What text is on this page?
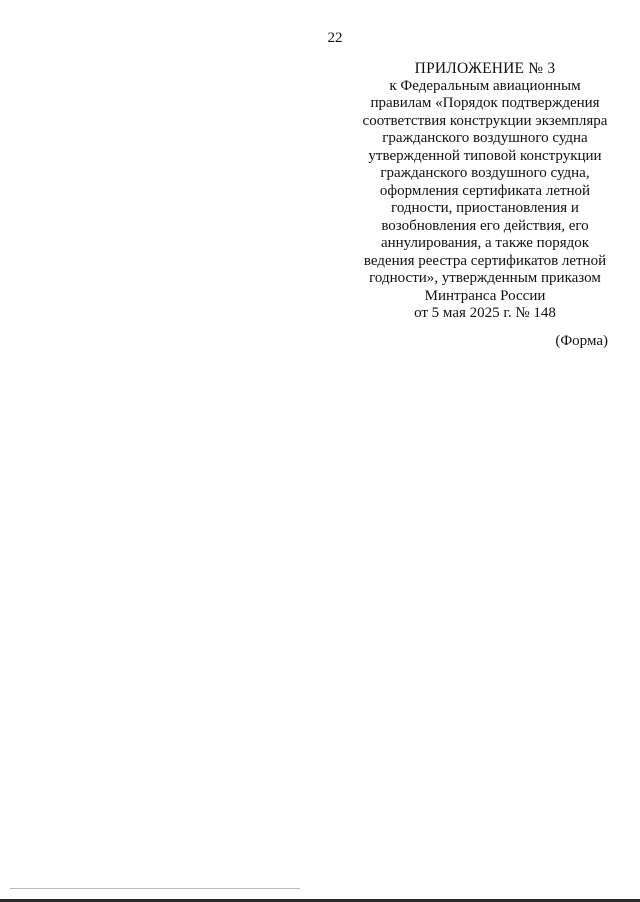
22
ПРИЛОЖЕНИЕ № 3
к Федеральным авиационным
правилам «Порядок подтверждения
соответствия конструкции экземпляра
гражданского воздушного судна
утвержденной типовой конструкции
гражданского воздушного судна,
оформления сертификата летной
годности, приостановления и
возобновления его действия, его
аннулирования, а также порядок
ведения реестра сертификатов летной
годности», утвержденным приказом
Минтранса России
от 5 мая 2025 г. № 148
(Форма)
